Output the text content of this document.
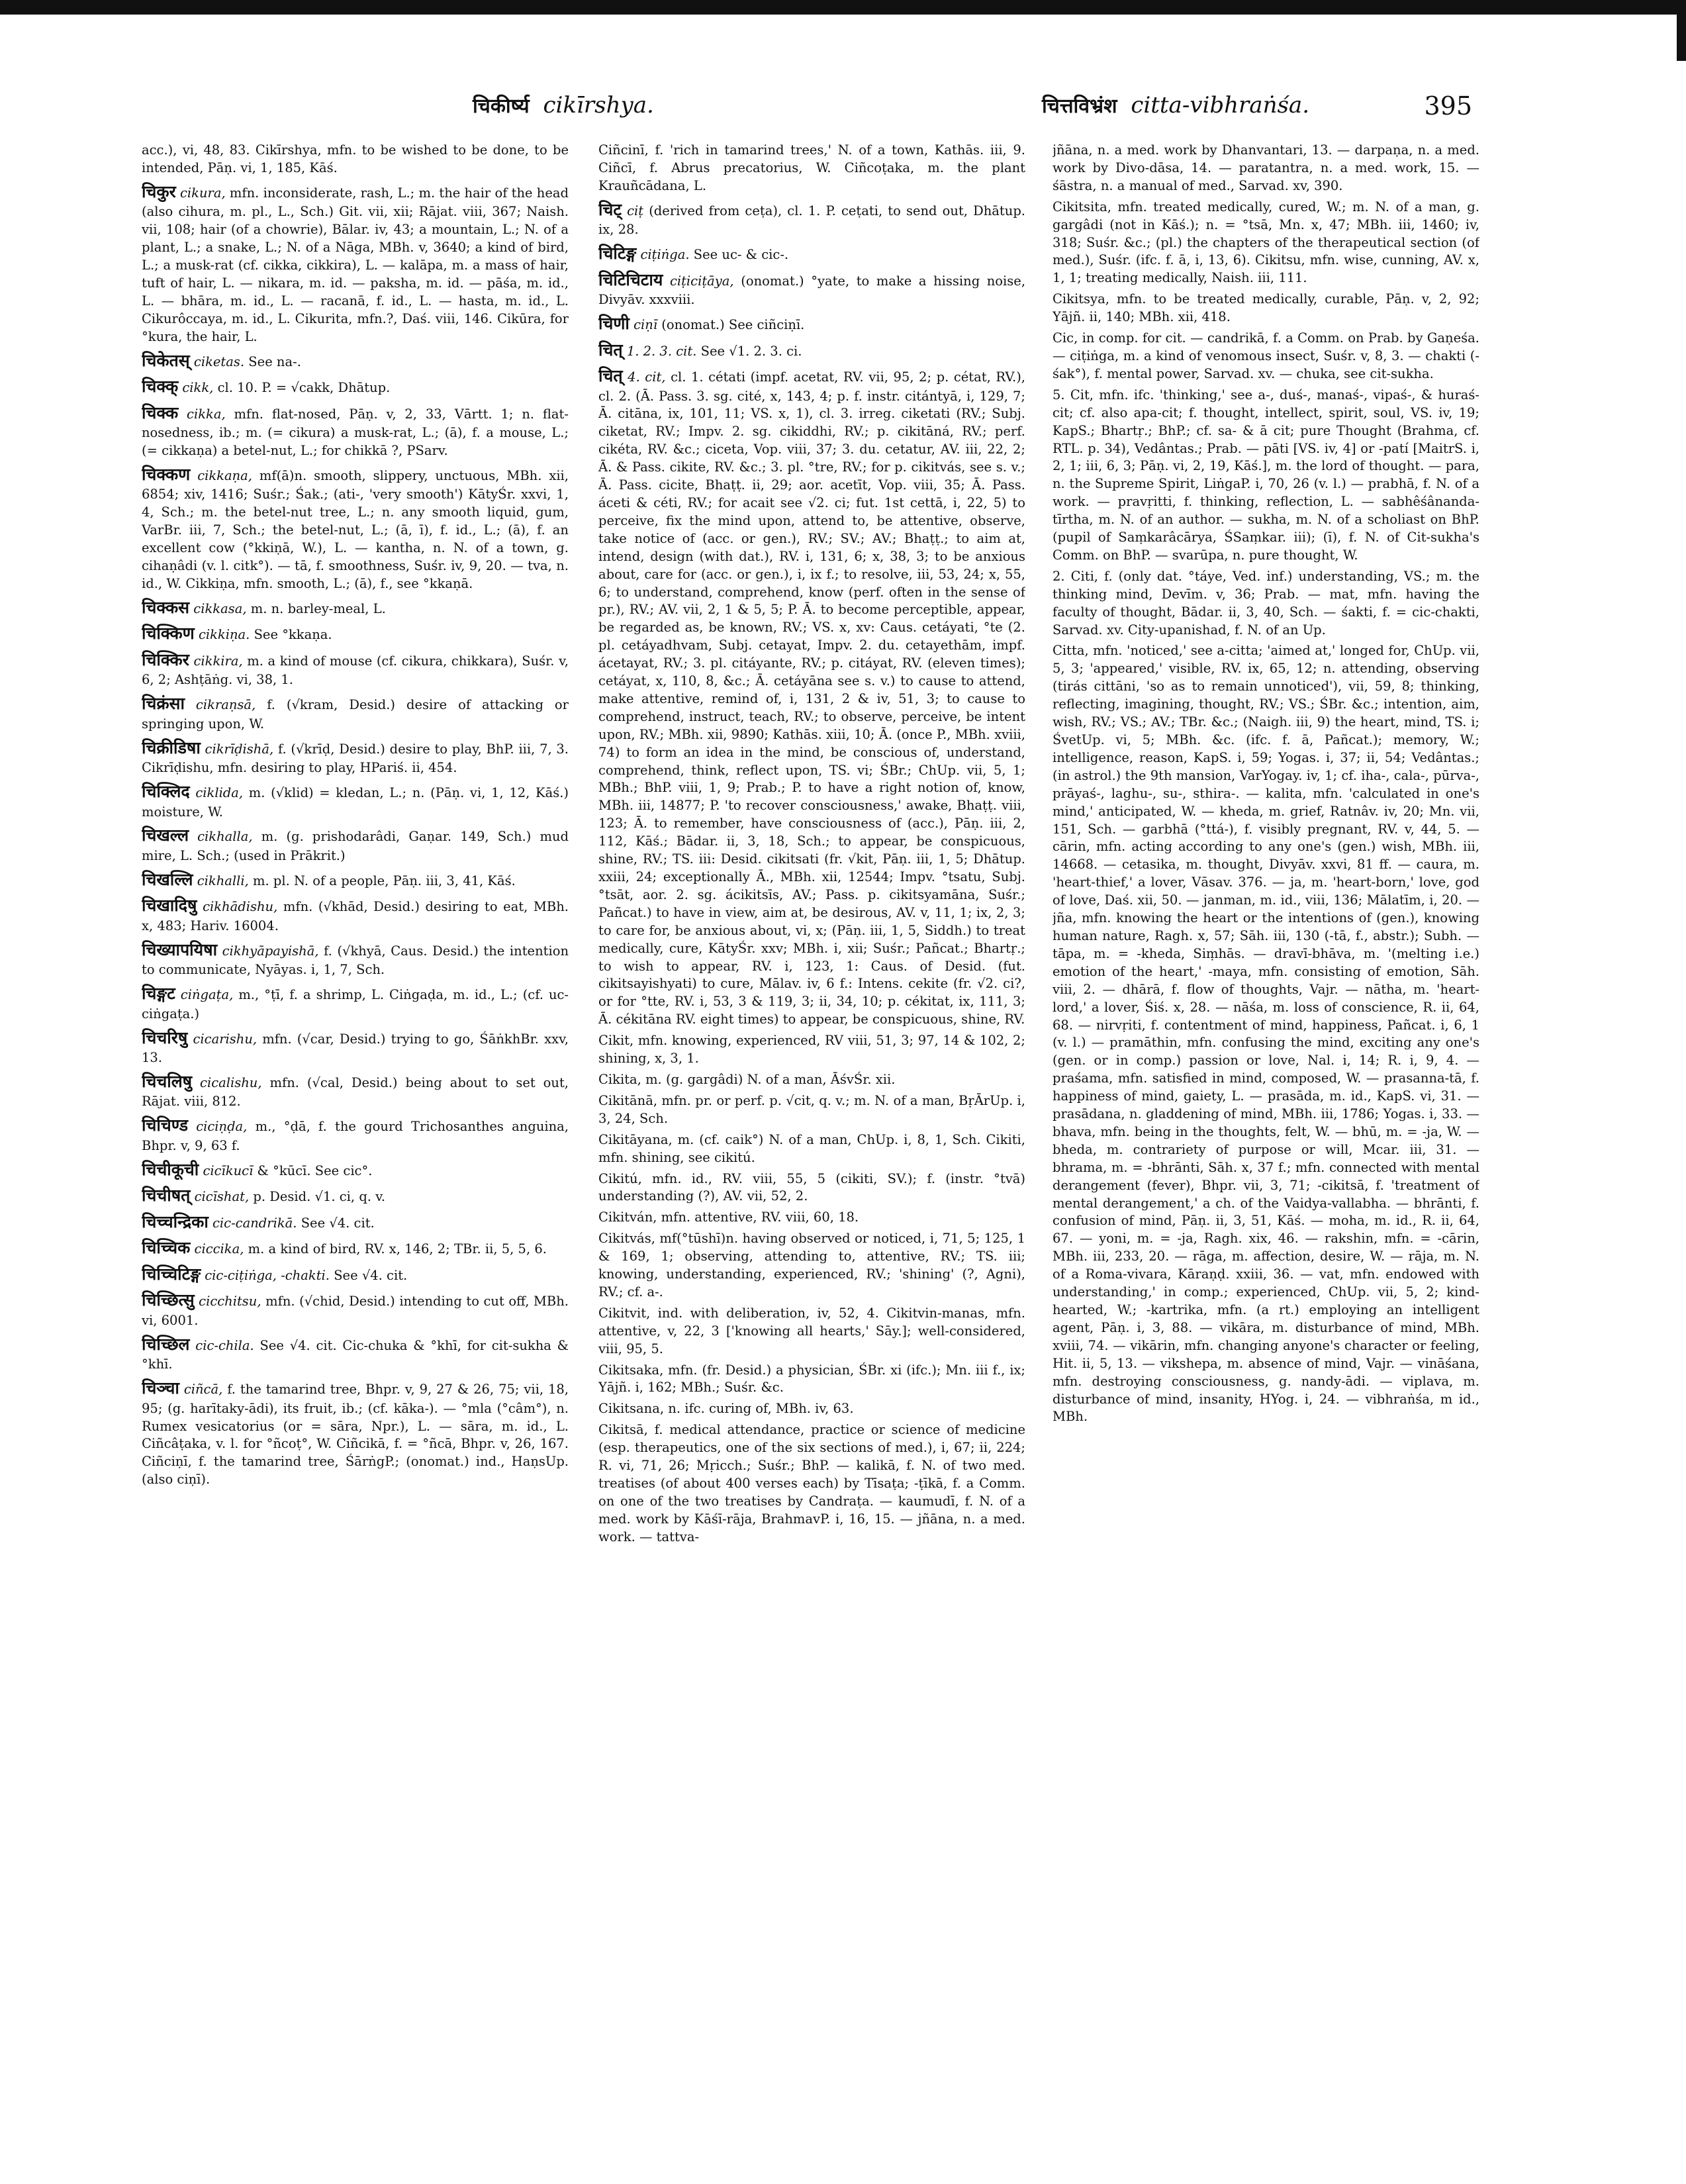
चिकीर्ष्य cikīrshya.	चित्तविभ्रंश citta-vibhraṅśa.	395

acc.), vi, 48, 83. Cikīrshya, mfn. to be wished to be done, to be intended, Pāṇ. vi, 1, 185, Kāś.

चिकुर cikura, mfn. inconsiderate, rash, L.; m. the hair of the head (also cihura, m. pl., L., Sch.) Git. vii, xii; Rājat. viii, 367; Naish. vii, 108; hair (of a chowrie), Bālar. iv, 43; a mountain, L.; N. of a plant, L.; a snake, L.; N. of a Nāga, MBh. v, 3640; a kind of bird, L.; a musk-rat (cf. cikka, cikkira), L. — kalāpa, m. a mass of hair, tuft of hair, L. — nikara, m. id. — paksha, m. id. — pāśa, m. id., L. — bhāra, m. id., L. — racanā, f. id., L. — hasta, m. id., L. Cikurôccaya, m. id., L. Cikurita, mfn.?, Daś. viii, 146. Cikūra, for °kura, the hair, L.

चिकेतस् ciketas. See na-.

चिक्क् cikk, cl. 10. P. = √cakk, Dhātup.

चिक्क cikka, mfn. flat-nosed, Pāṇ. v, 2, 33, Vārtt. 1; n. flat-nosedness, ib.; m. (= cikura) a musk-rat, L.; (ā), f. a mouse, L.; (= cikkaṇa) a betel-nut, L.; for chikkā ?, PSarv.

चिक्कण cikkaṇa, mf(ā)n. smooth, slippery, unctuous, MBh. xii, 6854; xiv, 1416; Suśr.; Śak.; (ati-, 'very smooth') KātyŚr. xxvi, 1, 4, Sch.; m. the betel-nut tree, L.; n. any smooth liquid, gum, VarBr. iii, 7, Sch.; the betel-nut, L.; (ā, ī), f. id., L.; (ā), f. an excellent cow (°kkiṇā, W.), L. — kantha, n. N. of a town, g. cihaṇâdi (v. l. citk°). — tā, f. smoothness, Suśr. iv, 9, 20. — tva, n. id., W. Cikkiṇa, mfn. smooth, L.; (ā), f., see °kkaṇā.

चिक्कस cikkasa, m. n. barley-meal, L.

चिक्किण cikkiṇa. See °kkaṇa.

चिक्किर cikkira, m. a kind of mouse (cf. cikura, chikkara), Suśr. v, 6, 2; Ashṭāṅg. vi, 38, 1.

चिक्रंसा cikraṇsā, f. (√kram, Desid.) desire of attacking or springing upon, W.

चिक्रीडिषा cikrīḍishā, f. (√krīḍ, Desid.) desire to play, BhP. iii, 7, 3. Cikrīḍishu, mfn. desiring to play, HPariś. ii, 454.

चिक्लिद ciklida, m. (√klid) = kledan, L.; n. (Pāṇ. vi, 1, 12, Kāś.) moisture, W.

चिखल्ल cikhalla, m. (g. prishodarâdi, Gaṇar. 149, Sch.) mud mire, L. Sch.; (used in Prākrit.)

चिखल्लि cikhalli, m. pl. N. of a people, Pāṇ. iii, 3, 41, Kāś.

चिखादिषु cikhādishu, mfn. (√khād, Desid.) desiring to eat, MBh. x, 483; Hariv. 16004.

चिख्यापयिषा cikhyāpayishā, f. (√khyā, Caus. Desid.) the intention to communicate, Nyāyas. i, 1, 7, Sch.

चिङ्गट ciṅgaṭa, m., °ṭī, f. a shrimp, L. Ciṅgaḍa, m. id., L.; (cf. uc-ciṅgaṭa.)

चिचरिषु cicarishu, mfn. (√car, Desid.) trying to go, ŚāṅkhBr. xxv, 13.

चिचलिषु cicalishu, mfn. (√cal, Desid.) being about to set out, Rājat. viii, 812.

चिचिण्ड ciciṇḍa, m., °ḍā, f. the gourd Trichosanthes anguina, Bhpr. v, 9, 63 f.

चिचीकूची cicīkucī & °kūcī. See cic°.

चिचीषत् cicīshat, p. Desid. √1. ci, q. v.

चिच्चन्द्रिका cic-candrikā. See √4. cit.

चिच्चिक ciccika, m. a kind of bird, RV. x, 146, 2; TBr. ii, 5, 5, 6.

चिच्चिटिङ्ग cic-ciṭiṅga, -chakti. See √4. cit.

चिच्छित्सु cicchitsu, mfn. (√chid, Desid.) intending to cut off, MBh. vi, 6001.

चिच्छिल cic-chila. See √4. cit. Cic-chuka & °khī, for cit-sukha & °khī.

चिञ्चा ciñcā, f. the tamarind tree, Bhpr. v, 9, 27 & 26, 75; vii, 18, 95; (g. harītaky-ādi), its fruit, ib.; (cf. kāka-). — °mla (°câm°), n. Rumex vesicatorius (or = sāra, Npr.), L. — sāra, m. id., L. Ciñcâṭaka, v. l. for °ñcoṭ°, W. Ciñcikā, f. = °ñcā, Bhpr. v, 26, 167. Ciñciṇī, f. the tamarind tree, ŚārṅgP.; (onomat.) ind., HaṇsUp. (also ciṇī).

Ciñcinī, f. 'rich in tamarind trees,' N. of a town, Kathās. iii, 9. Ciñcī, f. Abrus precatorius, W. Ciñcoṭaka, m. the plant Krauñcādana, L.

चिट् ciṭ (derived from ceṭa), cl. 1. P. ceṭati, to send out, Dhātup. ix, 28.

चिटिङ्ग ciṭiṅga. See uc- & cic-.

चिटिचिटाय ciṭiciṭāya, (onomat.) °yate, to make a hissing noise, Divyāv. xxxviii.

चिणी ciṇī (onomat.) See ciñciṇī.

चित् 1. 2. 3. cit. See √1. 2. 3. ci.

चित् 4. cit, cl. 1. cétati (impf. acetat, RV. vii, 95, 2; p. cétat, RV.), cl. 2. (Ā. Pass. 3. sg. cité, x, 143, 4; p. f. instr. citántyā, i, 129, 7; Ā. citāna, ix, 101, 11; VS. x, 1), cl. 3. irreg. ciketati (RV.; Subj. ciketat, RV.; Impv. 2. sg. cikiddhi, RV.; p. cikitāná, RV.; perf. cikéta, RV. &c.; ciceta, Vop. viii, 37; 3. du. cetatur, AV. iii, 22, 2; Ā. & Pass. cikite, RV. &c.; 3. pl. °tre, RV.; for p. cikitvás, see s. v.; Ā. Pass. cicite, Bhaṭṭ. ii, 29; aor. acetīt, Vop. viii, 35; Ā. Pass. áceti & céti, RV.; for acait see √2. ci; fut. 1st cettā, i, 22, 5) to perceive, fix the mind upon, attend to, be attentive, observe, take notice of (acc. or gen.), RV.; SV.; AV.; Bhaṭṭ.; to aim at, intend, design (with dat.), RV. i, 131, 6; x, 38, 3; to be anxious about, care for (acc. or gen.), i, ix f.; to resolve, iii, 53, 24; x, 55, 6; to understand, comprehend, know (perf. often in the sense of pr.), RV.; AV. vii, 2, 1 & 5, 5; P. Ā. to become perceptible, appear, be regarded as, be known, RV.; VS. x, xv: Caus. cetáyati, °te (2. pl. cetáyadhvam, Subj. cetayat, Impv. 2. du. cetayethām, impf. ácetayat, RV.; 3. pl. citáyante, RV.; p. citáyat, RV. (eleven times); cetáyat, x, 110, 8, &c.; Ā. cetáyāna see s. v.) to cause to attend, make attentive, remind of, i, 131, 2 & iv, 51, 3; to cause to comprehend, instruct, teach, RV.; to observe, perceive, be intent upon, RV.; MBh. xii, 9890; Kathās. xiii, 10; Ā. (once P., MBh. xviii, 74) to form an idea in the mind, be conscious of, understand, comprehend, think, reflect upon, TS. vi; ŚBr.; ChUp. vii, 5, 1; MBh.; BhP. viii, 1, 9; Prab.; P. to have a right notion of, know, MBh. iii, 14877; P. 'to recover consciousness,' awake, Bhaṭṭ. viii, 123; Ā. to remember, have consciousness of (acc.), Pāṇ. iii, 2, 112, Kāś.; Bādar. ii, 3, 18, Sch.; to appear, be conspicuous, shine, RV.; TS. iii: Desid. cikitsati (fr. √kit, Pāṇ. iii, 1, 5; Dhātup. xxiii, 24; exceptionally Ā., MBh. xii, 12544; Impv. °tsatu, Subj. °tsāt, aor. 2. sg. ácikitsīs, AV.; Pass. p. cikitsyamāna, Suśr.; Pañcat.) to have in view, aim at, be desirous, AV. v, 11, 1; ix, 2, 3; to care for, be anxious about, vi, x; (Pāṇ. iii, 1, 5, Siddh.) to treat medically, cure, KātyŚr. xxv; MBh. i, xii; Suśr.; Pañcat.; Bhartṛ.; to wish to appear, RV. i, 123, 1: Caus. of Desid. (fut. cikitsayishyati) to cure, Mālav. iv, 6 f.: Intens. cekite (fr. √2. ci?, or for °tte, RV. i, 53, 3 & 119, 3; ii, 34, 10; p. cékitat, ix, 111, 3; Ā. cékitāna RV. eight times) to appear, be conspicuous, shine, RV.

Cikit, mfn. knowing, experienced, RV viii, 51, 3; 97, 14 & 102, 2; shining, x, 3, 1.

Cikita, m. (g. gargâdi) N. of a man, ĀśvŚr. xii.

Cikitānā, mfn. pr. or perf. p. √cit, q. v.; m. N. of a man, BṛĀrUp. i, 3, 24, Sch.

Cikitāyana, m. (cf. caik°) N. of a man, ChUp. i, 8, 1, Sch. Cikiti, mfn. shining, see cikitú.

Cikitú, mfn. id., RV. viii, 55, 5 (cikiti, SV.); f. (instr. °tvā) understanding (?), AV. vii, 52, 2.

Cikitván, mfn. attentive, RV. viii, 60, 18.

Cikitvás, mf(°tūshī)n. having observed or noticed, i, 71, 5; 125, 1 & 169, 1; observing, attending to, attentive, RV.; TS. iii; knowing, understanding, experienced, RV.; 'shining' (?, Agni), RV.; cf. a-.

Cikitvit, ind. with deliberation, iv, 52, 4. Cikitvin-manas, mfn. attentive, v, 22, 3 ['knowing all hearts,' Sāy.]; well-considered, viii, 95, 5.

Cikitsaka, mfn. (fr. Desid.) a physician, ŚBr. xi (ifc.); Mn. iii f., ix; Yājñ. i, 162; MBh.; Suśr. &c.

Cikitsana, n. ifc. curing of, MBh. iv, 63.

Cikitsā, f. medical attendance, practice or science of medicine (esp. therapeutics, one of the six sections of med.), i, 67; ii, 224; R. vi, 71, 26; Mṛicch.; Suśr.; BhP. — kalikā, f. N. of two med. treatises (of about 400 verses each) by Tīsaṭa; -ṭīkā, f. a Comm. on one of the two treatises by Candraṭa. — kaumudī, f. N. of a med. work by Kāśī-rāja, BrahmavP. i, 16, 15. — jñāna, n. a med. work. — tattva-

jñāna, n. a med. work by Dhanvantari, 13. — darpaṇa, n. a med. work by Divo-dāsa, 14. — paratantra, n. a med. work, 15. — śāstra, n. a manual of med., Sarvad. xv, 390.

Cikitsita, mfn. treated medically, cured, W.; m. N. of a man, g. gargâdi (not in Kāś.); n. = °tsā, Mn. x, 47; MBh. iii, 1460; iv, 318; Suśr. &c.; (pl.) the chapters of the therapeutical section (of med.), Suśr. (ifc. f. ā, i, 13, 6). Cikitsu, mfn. wise, cunning, AV. x, 1, 1; treating medically, Naish. iii, 111.

Cikitsya, mfn. to be treated medically, curable, Pāṇ. v, 2, 92; Yājñ. ii, 140; MBh. xii, 418.

Cic, in comp. for cit. — candrikā, f. a Comm. on Prab. by Gaṇeśa. — ciṭiṅga, m. a kind of venomous insect, Suśr. v, 8, 3. — chakti (-śak°), f. mental power, Sarvad. xv. — chuka, see cit-sukha.

5. Cit, mfn. ifc. 'thinking,' see a-, duś-, manaś-, vipaś-, & huraś-cit; cf. also apa-cit; f. thought, intellect, spirit, soul, VS. iv, 19; KapS.; Bhartṛ.; BhP.; cf. sa- & ā cit; pure Thought (Brahma, cf. RTL. p. 34), Vedântas.; Prab. — pāti [VS. iv, 4] or -patí [MaitrS. i, 2, 1; iii, 6, 3; Pāṇ. vi, 2, 19, Kāś.], m. the lord of thought. — para, n. the Supreme Spirit, LiṅgaP. i, 70, 26 (v. l.) — prabhā, f. N. of a work. — pravṛitti, f. thinking, reflection, L. — sabhêśânanda-tīrtha, m. N. of an author. — sukha, m. N. of a scholiast on BhP. (pupil of Saṃkarâcārya, ŚSaṃkar. iii); (ī), f. N. of Cit-sukha's Comm. on BhP. — svarūpa, n. pure thought, W.

2. Citi, f. (only dat. °táye, Ved. inf.) understanding, VS.; m. the thinking mind, Devīm. v, 36; Prab. — mat, mfn. having the faculty of thought, Bādar. ii, 3, 40, Sch. — śakti, f. = cic-chakti, Sarvad. xv. City-upanishad, f. N. of an Up.

Citta, mfn. 'noticed,' see a-citta; 'aimed at,' longed for, ChUp. vii, 5, 3; 'appeared,' visible, RV. ix, 65, 12; n. attending, observing (tirás cittāni, 'so as to remain unnoticed'), vii, 59, 8; thinking, reflecting, imagining, thought, RV.; VS.; ŚBr. &c.; intention, aim, wish, RV.; VS.; AV.; TBr. &c.; (Naigh. iii, 9) the heart, mind, TS. i; ŚvetUp. vi, 5; MBh. &c. (ifc. f. ā, Pañcat.); memory, W.; intelligence, reason, KapS. i, 59; Yogas. i, 37; ii, 54; Vedântas.; (in astrol.) the 9th mansion, VarYogay. iv, 1; cf. iha-, cala-, pūrva-, prāyaś-, laghu-, su-, sthira-. — kalita, mfn. 'calculated in one's mind,' anticipated, W. — kheda, m. grief, Ratnâv. iv, 20; Mn. vii, 151, Sch. — garbhā (°ttá-), f. visibly pregnant, RV. v, 44, 5. — cārin, mfn. acting according to any one's (gen.) wish, MBh. iii, 14668. — cetasika, m. thought, Divyāv. xxvi, 81 ff. — caura, m. 'heart-thief,' a lover, Vāsav. 376. — ja, m. 'heart-born,' love, god of love, Daś. xii, 50. — janman, m. id., viii, 136; Mālatīm, i, 20. — jña, mfn. knowing the heart or the intentions of (gen.), knowing human nature, Ragh. x, 57; Sāh. iii, 130 (-tā, f., abstr.); Subh. — tāpa, m. = -kheda, Siṃhās. — dravī-bhāva, m. '(melting i.e.) emotion of the heart,' -maya, mfn. consisting of emotion, Sāh. viii, 2. — dhārā, f. flow of thoughts, Vajr. — nātha, m. 'heart-lord,' a lover, Śiś. x, 28. — nāśa, m. loss of conscience, R. ii, 64, 68. — nirvṛiti, f. contentment of mind, happiness, Pañcat. i, 6, 1 (v. l.) — pramāthin, mfn. confusing the mind, exciting any one's (gen. or in comp.) passion or love, Nal. i, 14; R. i, 9, 4. — praśama, mfn. satisfied in mind, composed, W. — prasanna-tā, f. happiness of mind, gaiety, L. — prasāda, m. id., KapS. vi, 31. — prasādana, n. gladdening of mind, MBh. iii, 1786; Yogas. i, 33. — bhava, mfn. being in the thoughts, felt, W. — bhū, m. = -ja, W. — bheda, m. contrariety of purpose or will, Mcar. iii, 31. — bhrama, m. = -bhrānti, Sāh. x, 37 f.; mfn. connected with mental derangement (fever), Bhpr. vii, 3, 71; -cikitsā, f. 'treatment of mental derangement,' a ch. of the Vaidya-vallabha. — bhrānti, f. confusion of mind, Pāṇ. ii, 3, 51, Kāś. — moha, m. id., R. ii, 64, 67. — yoni, m. = -ja, Ragh. xix, 46. — rakshin, mfn. = -cārin, MBh. iii, 233, 20. — rāga, m. affection, desire, W. — rāja, m. N. of a Roma-vivara, Kāraṇḍ. xxiii, 36. — vat, mfn. endowed with understanding,' in comp.; experienced, ChUp. vii, 5, 2; kind-hearted, W.; -kartrika, mfn. (a rt.) employing an intelligent agent, Pāṇ. i, 3, 88. — vikāra, m. disturbance of mind, MBh. xviii, 74. — vikārin, mfn. changing anyone's character or feeling, Hit. ii, 5, 13. — vikshepa, m. absence of mind, Vajr. — vināśana, mfn. destroying consciousness, g. nandy-ādi. — viplava, m. disturbance of mind, insanity, HYog. i, 24. — vibhraṅśa, m id., MBh.
